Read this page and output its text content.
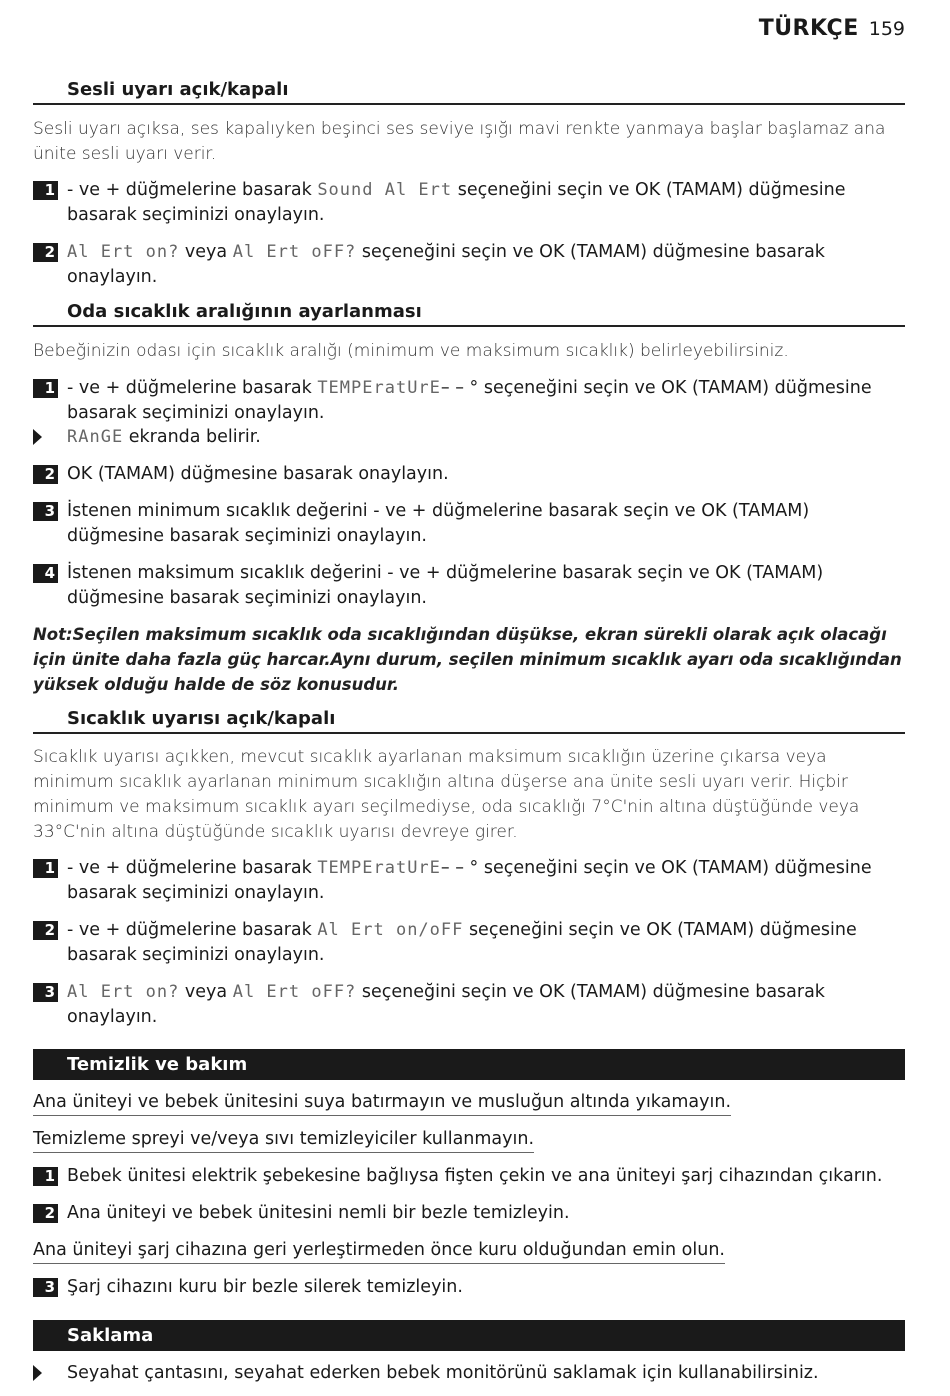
TÜRKÇE 159
Sesli uyarı açık/kapalı
Sesli uyarı açıksa, ses kapalıyken beşinci ses seviye ışığı mavi renkte yanmaya başlar başlamaz ana ünite sesli uyarı verir.
1 - ve + düğmelerine basarak Sound Al Ert seçeneğini seçin ve OK (TAMAM) düğmesine basarak seçiminizi onaylayın.
2 Al Ert on? veya Al Ert oFF? seçeneğini seçin ve OK (TAMAM) düğmesine basarak onaylayın.
Oda sıcaklık aralığının ayarlanması
Bebeğinizin odası için sıcaklık aralığı (minimum ve maksimum sıcaklık) belirleyebilirsiniz.
1 - ve + düğmelerine basarak TEMPEratUrE– – ° seçeneğini seçin ve OK (TAMAM) düğmesine basarak seçiminizi onaylayın.
RAnGE ekranda belirir.
2 OK (TAMAM) düğmesine basarak onaylayın.
3 İstenen minimum sıcaklık değerini - ve + düğmelerine basarak seçin ve OK (TAMAM) düğmesine basarak seçiminizi onaylayın.
4 İstenen maksimum sıcaklık değerini - ve + düğmelerine basarak seçin ve OK (TAMAM) düğmesine basarak seçiminizi onaylayın.
Not:Seçilen maksimum sıcaklık oda sıcaklığından düşükse, ekran sürekli olarak açık olacağı için ünite daha fazla güç harcar.Aynı durum, seçilen minimum sıcaklık ayarı oda sıcaklığından yüksek olduğu halde de söz konusudur.
Sıcaklık uyarısı açık/kapalı
Sıcaklık uyarısı açıkken, mevcut sıcaklık ayarlanan maksimum sıcaklığın üzerine çıkarsa veya minimum sıcaklık ayarlanan minimum sıcaklığın altına düşerse ana ünite sesli uyarı verir. Hiçbir minimum ve maksimum sıcaklık ayarı seçilmediyse, oda sıcaklığı 7°C'nin altına düştüğünde veya 33°C'nin altına düştüğünde sıcaklık uyarısı devreye girer.
1 - ve + düğmelerine basarak TEMPEratUrE– – ° seçeneğini seçin ve OK (TAMAM) düğmesine basarak seçiminizi onaylayın.
2 - ve + düğmelerine basarak Al Ert on/oFF seçeneğini seçin ve OK (TAMAM) düğmesine basarak seçiminizi onaylayın.
3 Al Ert on? veya Al Ert oFF? seçeneğini seçin ve OK (TAMAM) düğmesine basarak onaylayın.
Temizlik ve bakım
Ana üniteyi ve bebek ünitesini suya batırmayın ve musluğun altında yıkamayın.
Temizleme spreyi ve/veya sıvı temizleyiciler kullanmayın.
1 Bebek ünitesi elektrik şebekesine bağlıysa fişten çekin ve ana üniteyi şarj cihazından çıkarın.
2 Ana üniteyi ve bebek ünitesini nemli bir bezle temizleyin.
Ana üniteyi şarj cihazına geri yerleştirmeden önce kuru olduğundan emin olun.
3 Şarj cihazını kuru bir bezle silerek temizleyin.
Saklama
Seyahat çantasını, seyahat ederken bebek monitörünü saklamak için kullanabilirsiniz.
